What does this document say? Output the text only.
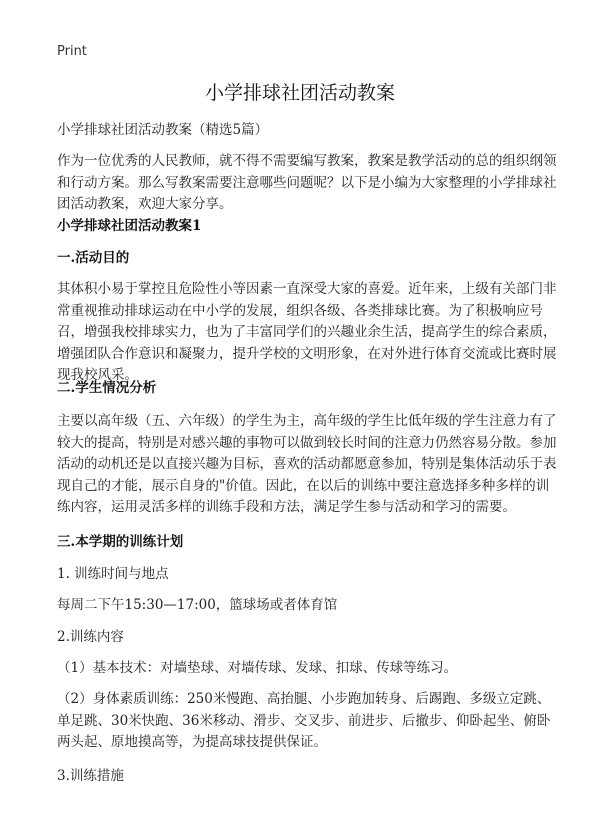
Print
小学排球社团活动教案

小学排球社团活动教案（精选5篇）

作为一位优秀的人民教师，就不得不需要编写教案，教案是教学活动的总的组织纲领和行动方案。那么写教案需要注意哪些问题呢？以下是小编为大家整理的小学排球社团活动教案，欢迎大家分享。

小学排球社团活动教案1

一.活动目的

其体积小易于掌控且危险性小等因素一直深受大家的喜爱。近年来，上级有关部门非常重视推动排球运动在中小学的发展，组织各级、各类排球比赛。为了积极响应号召，增强我校排球实力，也为了丰富同学们的兴趣业余生活，提高学生的综合素质，增强团队合作意识和凝聚力，提升学校的文明形象，在对外进行体育交流或比赛时展现我校风采。

二.学生情况分析

主要以高年级（五、六年级）的学生为主，高年级的学生比低年级的学生注意力有了较大的提高，特别是对感兴趣的事物可以做到较长时间的注意力仍然容易分散。参加活动的动机还是以直接兴趣为目标，喜欢的活动都愿意参加，特别是集体活动乐于表现自己的才能，展示自身的"价值。因此，在以后的训练中要注意选择多种多样的训练内容，运用灵活多样的训练手段和方法，满足学生参与活动和学习的需要。

三.本学期的训练计划

1. 训练时间与地点

每周二下午15:30—17:00，篮球场或者体育馆

2.训练内容

（1）基本技术：对墙垫球、对墙传球、发球、扣球、传球等练习。

（2）身体素质训练：250米慢跑、高抬腿、小步跑加转身、后踢跑、多级立定跳、单足跳、30米快跑、36米移动、滑步、交叉步、前进步、后撤步、仰卧起坐、俯卧两头起、原地摸高等，为提高球技提供保证。

3.训练措施
